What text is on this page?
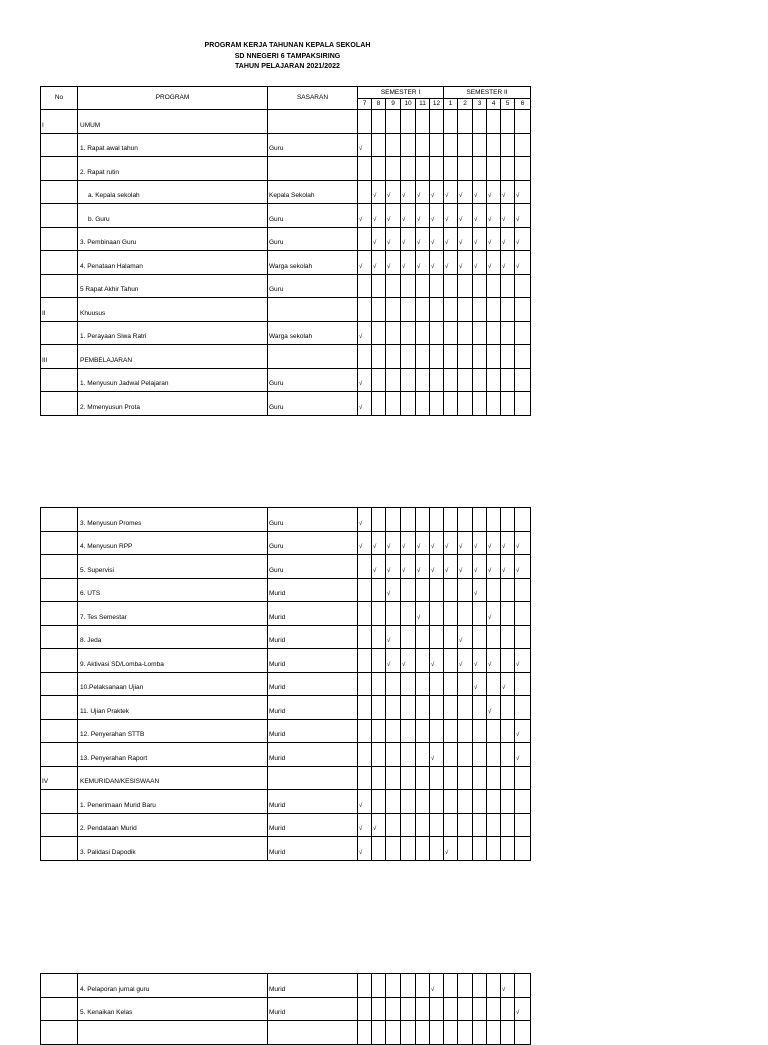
PROGRAM KERJA TAHUNAN KEPALA SEKOLAH
SD NNEGERI 6 TAMPAKSIRING
TAHUN PELAJARAN 2021/2022
No	PROGRAM	SASARAN	SEMESTER I						SEMESTER II					
			7	8	9	10	11	12	1	2	3	4	5	6
I	UMUM													
	1. Rapat awal tahun	Guru	√											
	2. Rapat rutin													
	a. Kepala sekolah	Kepala Sekolah		√	√	√	√	√	√	√	√	√	√	√
	b. Guru	Guru	√	√	√	√	√	√	√	√	√	√	√	√
	3. Pembinaan Guru	Guru		√	√	√	√	√	√	√	√	√	√	√
	4. Penataan Halaman	Warga sekolah	√	√	√	√	√	√	√	√	√	√	√	√
	5 Rapat Akhir Tahun	Guru												
II	Khuusus													
	1. Perayaan Siwa Ratri	Warga sekolah	√											
III	PEMBELAJARAN													
	1. Menyusun Jadwal Pelajaran	Guru	√											
	2. Mmenyusun Prota	Guru	√											
	3. Menyusun Promes	Guru	√											
	4. Menyusun RPP	Guru	√	√	√	√	√	√	√	√	√	√	√	√
	5. Supervisi	Guru		√	√	√	√	√	√	√	√	√	√	√
	6. UTS	Murid			√						√			
	7. Tes Semestar	Murid					√					√		
	8. Jeda	Murid			√					√				
	9. Aktivasi SD/Lomba-Lomba	Murid			√	√		√		√	√	√		√
	10.Pelaksanaan Ujian	Murid									√		√	
	11. Ujian Praktek	Murid										√		
	12. Penyerahan STTB	Murid												√
	13. Penyerahan Raport	Murid						√						√
IV	KEMURIDAN/KESISWAAN													
	1. Penerimaan Murid Baru	Murid	√											
	2. Pendataan Murid	Murid	√	√										
	3. Palidasi Dapodik	Murid	√						√					
	4. Pelaporan jurnal guru	Murid						√					√	
	5. Kenaikan Kelas	Murid												√
